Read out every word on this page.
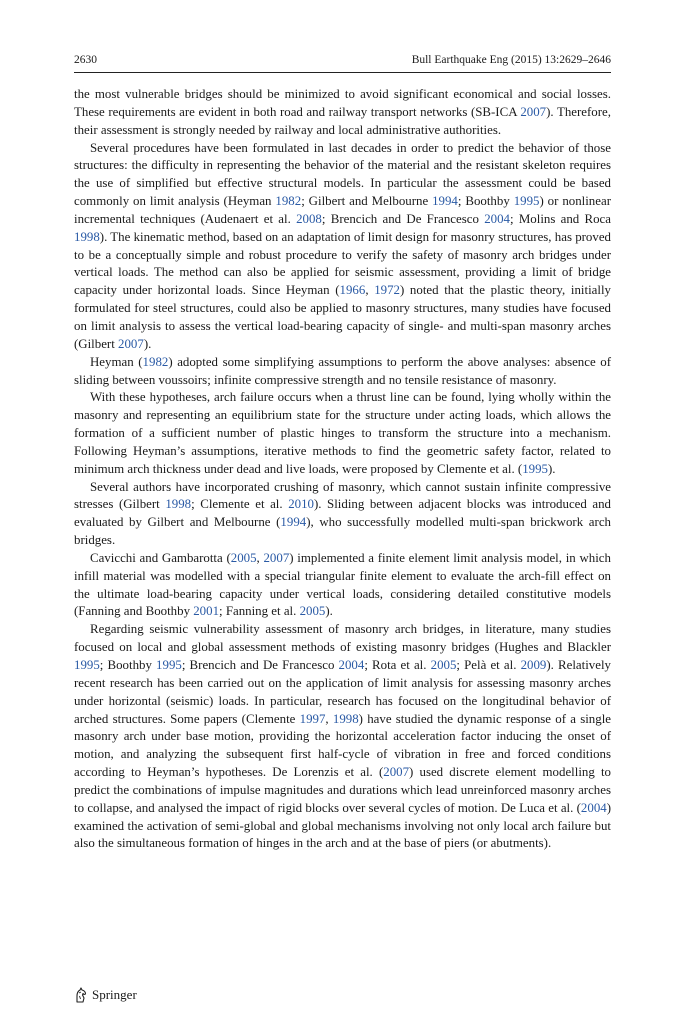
2630	Bull Earthquake Eng (2015) 13:2629–2646

the most vulnerable bridges should be minimized to avoid significant economical and social losses. These requirements are evident in both road and railway transport networks (SB-ICA 2007). Therefore, their assessment is strongly needed by railway and local administrative authorities.

Several procedures have been formulated in last decades in order to predict the behavior of those structures: the difficulty in representing the behavior of the material and the resistant skeleton requires the use of simplified but effective structural models. In particular the assessment could be based commonly on limit analysis (Heyman 1982; Gilbert and Melbourne 1994; Boothby 1995) or nonlinear incremental techniques (Audenaert et al. 2008; Brencich and De Francesco 2004; Molins and Roca 1998). The kinematic method, based on an adaptation of limit design for masonry structures, has proved to be a conceptually simple and robust procedure to verify the safety of masonry arch bridges under vertical loads. The method can also be applied for seismic assessment, providing a limit of bridge capacity under horizontal loads. Since Heyman (1966, 1972) noted that the plastic theory, initially formulated for steel structures, could also be applied to masonry structures, many studies have focused on limit analysis to assess the vertical load-bearing capacity of single- and multi-span masonry arches (Gilbert 2007).

Heyman (1982) adopted some simplifying assumptions to perform the above analyses: absence of sliding between voussoirs; infinite compressive strength and no tensile resistance of masonry.

With these hypotheses, arch failure occurs when a thrust line can be found, lying wholly within the masonry and representing an equilibrium state for the structure under acting loads, which allows the formation of a sufficient number of plastic hinges to transform the structure into a mechanism. Following Heyman’s assumptions, iterative methods to find the geometric safety factor, related to minimum arch thickness under dead and live loads, were proposed by Clemente et al. (1995).

Several authors have incorporated crushing of masonry, which cannot sustain infinite compressive stresses (Gilbert 1998; Clemente et al. 2010). Sliding between adjacent blocks was introduced and evaluated by Gilbert and Melbourne (1994), who successfully modelled multi-span brickwork arch bridges.

Cavicchi and Gambarotta (2005, 2007) implemented a finite element limit analysis model, in which infill material was modelled with a special triangular finite element to evaluate the arch-fill effect on the ultimate load-bearing capacity under vertical loads, considering detailed constitutive models (Fanning and Boothby 2001; Fanning et al. 2005).

Regarding seismic vulnerability assessment of masonry arch bridges, in literature, many studies focused on local and global assessment methods of existing masonry bridges (Hughes and Blackler 1995; Boothby 1995; Brencich and De Francesco 2004; Rota et al. 2005; Pelà et al. 2009). Relatively recent research has been carried out on the application of limit analysis for assessing masonry arches under horizontal (seismic) loads. In particular, research has focused on the longitudinal behavior of arched structures. Some papers (Clemente 1997, 1998) have studied the dynamic response of a single masonry arch under base motion, providing the horizontal acceleration factor inducing the onset of motion, and analyzing the subsequent first half-cycle of vibration in free and forced conditions according to Heyman’s hypotheses. De Lorenzis et al. (2007) used discrete element modelling to predict the combinations of impulse magnitudes and durations which lead unreinforced masonry arches to collapse, and analysed the impact of rigid blocks over several cycles of motion. De Luca et al. (2004) examined the activation of semi-global and global mechanisms involving not only local arch failure but also the simultaneous formation of hinges in the arch and at the base of piers (or abutments).

Springer
